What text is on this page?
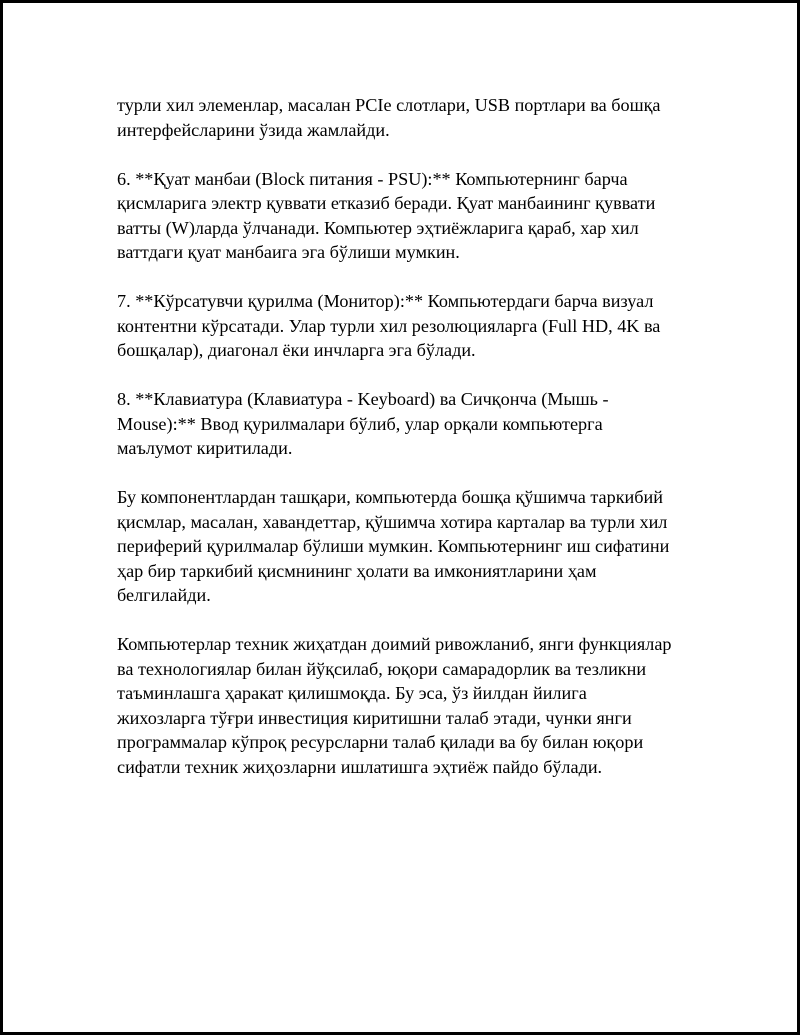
турли хил элеменлар, масалан PCIe слотлари, USB портлари ва бошқа
интерфейсларини ўзида жамлайди.

6. **Қуат манбаи (Block питания - PSU):** Компьютернинг барча
қисмларига электр қуввати етказиб беради. Қуат манбаининг қуввати
ватты (W)ларда ўлчанади. Компьютер эҳтиёжларига қараб, хар хил
ваттдаги қуат манбаига эга бўлиши мумкин.

7. **Кўрсатувчи қурилма (Монитор):** Компьютердаги барча визуал
контентни кўрсатади. Улар турли хил резолюцияларга (Full HD, 4K ва
бошқалар), диагонал ёки инчларга эга бўлади.

8. **Клавиатура (Клавиатура - Keyboard) ва Сичқонча (Мышь -
Mouse):** Ввод қурилмалари бўлиб, улар орқали компьютерга
маълумот киритилади.

Бу компонентлардан ташқари, компьютерда бошқа қўшимча таркибий
қисмлар, масалан, хавандеттар, қўшимча хотира карталар ва турли хил
периферий қурилмалар бўлиши мумкин. Компьютернинг иш сифатини
ҳар бир таркибий қисмнининг ҳолати ва имкониятларини ҳам
белгилайди.

Компьютерлар техник жиҳатдан доимий ривожланиб, янги функциялар
ва технологиялар билан йўқсилаб, юқори самарадорлик ва тезликни
таъминлашга ҳаракат қилишмоқда. Бу эса, ўз йилдан йилига
жихозларга тўғри инвестиция киритишни талаб этади, чунки янги
программалар кўпроқ ресурсларни талаб қилади ва бу билан юқори
сифатли техник жиҳозларни ишлатишга эҳтиёж пайдо бўлади.
